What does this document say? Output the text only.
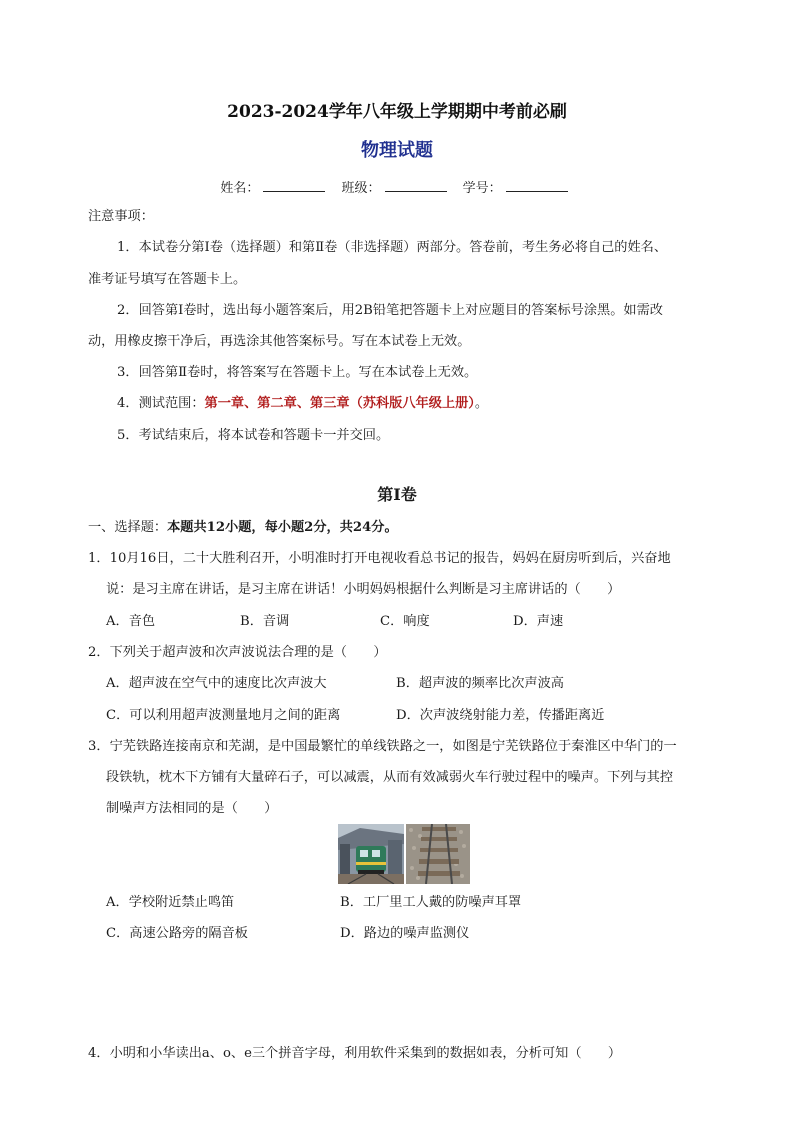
2023-2024学年八年级上学期期中考前必刷
物理试题
姓名：	班级：	学号：
注意事项：
1．本试卷分第Ⅰ卷（选择题）和第Ⅱ卷（非选择题）两部分。答卷前，考生务必将自己的姓名、
准考证号填写在答题卡上。
2．回答第Ⅰ卷时，选出每小题答案后，用2B铅笔把答题卡上对应题目的答案标号涂黑。如需改
动，用橡皮擦干净后，再选涂其他答案标号。写在本试卷上无效。
3．回答第Ⅱ卷时，将答案写在答题卡上。写在本试卷上无效。
4．测试范围：第一章、第二章、第三章（苏科版八年级上册）。
5．考试结束后，将本试卷和答题卡一并交回。
第Ⅰ卷
一、选择题：本题共12小题，每小题2分，共24分。
1．10月16日，二十大胜利召开，小明准时打开电视收看总书记的报告，妈妈在厨房听到后，兴奋地
说：是习主席在讲话，是习主席在讲话！小明妈妈根据什么判断是习主席讲话的（　　）
A．音色	B．音调	C．响度	D．声速
2．下列关于超声波和次声波说法合理的是（　　）
A．超声波在空气中的速度比次声波大	B．超声波的频率比次声波高
C．可以利用超声波测量地月之间的距离	D．次声波绕射能力差，传播距离近
3．宁芜铁路连接南京和芜湖，是中国最繁忙的单线铁路之一，如图是宁芜铁路位于秦淮区中华门的一
段铁轨，枕木下方铺有大量碎石子，可以减震，从而有效减弱火车行驶过程中的噪声。下列与其控
制噪声方法相同的是（　　）
A．学校附近禁止鸣笛	B．工厂里工人戴的防噪声耳罩
C．高速公路旁的隔音板	D．路边的噪声监测仪
4．小明和小华读出a、o、e三个拼音字母，利用软件采集到的数据如表，分析可知（　　）
